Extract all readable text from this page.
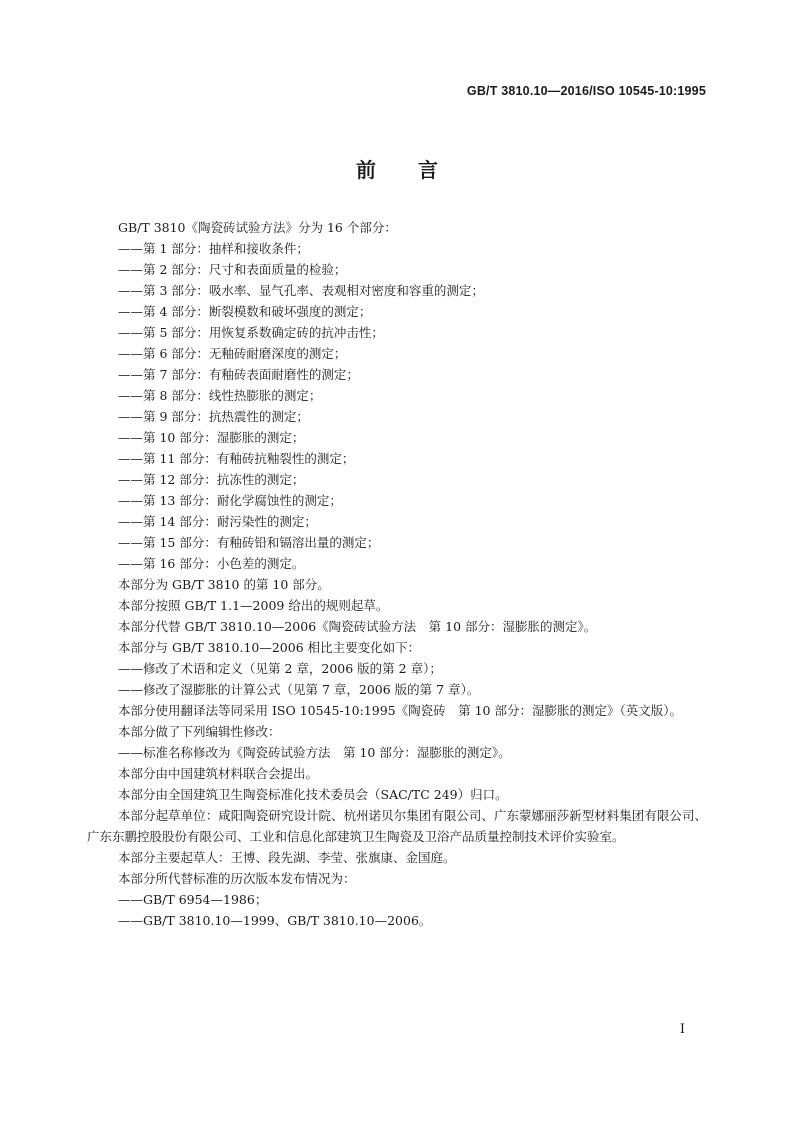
GB/T 3810.10—2016/ISO 10545-10:1995
前言

GB/T 3810《陶瓷砖试验方法》分为 16 个部分：

——第 1 部分：抽样和接收条件；
——第 2 部分：尺寸和表面质量的检验；
——第 3 部分：吸水率、显气孔率、表观相对密度和容重的测定；
——第 4 部分：断裂模数和破坏强度的测定；
——第 5 部分：用恢复系数确定砖的抗冲击性；
——第 6 部分：无釉砖耐磨深度的测定；
——第 7 部分：有釉砖表面耐磨性的测定；
——第 8 部分：线性热膨胀的测定；
——第 9 部分：抗热震性的测定；
——第 10 部分：湿膨胀的测定；
——第 11 部分：有釉砖抗釉裂性的测定；
——第 12 部分：抗冻性的测定；
——第 13 部分：耐化学腐蚀性的测定；
——第 14 部分：耐污染性的测定；
——第 15 部分：有釉砖铅和镉溶出量的测定；
——第 16 部分：小色差的测定。

本部分为 GB/T 3810 的第 10 部分。

本部分按照 GB/T 1.1—2009 给出的规则起草。

本部分代替 GB/T 3810.10—2006《陶瓷砖试验方法　第 10 部分：湿膨胀的测定》。

本部分与 GB/T 3810.10—2006 相比主要变化如下：

——修改了术语和定义（见第 2 章，2006 版的第 2 章）；

——修改了湿膨胀的计算公式（见第 7 章，2006 版的第 7 章）。

本部分使用翻译法等同采用 ISO 10545-10:1995《陶瓷砖　第 10 部分：湿膨胀的测定》（英文版）。

本部分做了下列编辑性修改：

——标准名称修改为《陶瓷砖试验方法　第 10 部分：湿膨胀的测定》。

本部分由中国建筑材料联合会提出。

本部分由全国建筑卫生陶瓷标准化技术委员会（SAC/TC 249）归口。

本部分起草单位：咸阳陶瓷研究设计院、杭州诺贝尔集团有限公司、广东蒙娜丽莎新型材料集团有限公司、广东东鹏控股股份有限公司、工业和信息化部建筑卫生陶瓷及卫浴产品质量控制技术评价实验室。

本部分主要起草人：王博、段先湖、李莹、张旗康、金国庭。

本部分所代替标准的历次版本发布情况为：

——GB/T 6954—1986；

——GB/T 3810.10—1999、GB/T 3810.10—2006。

I
